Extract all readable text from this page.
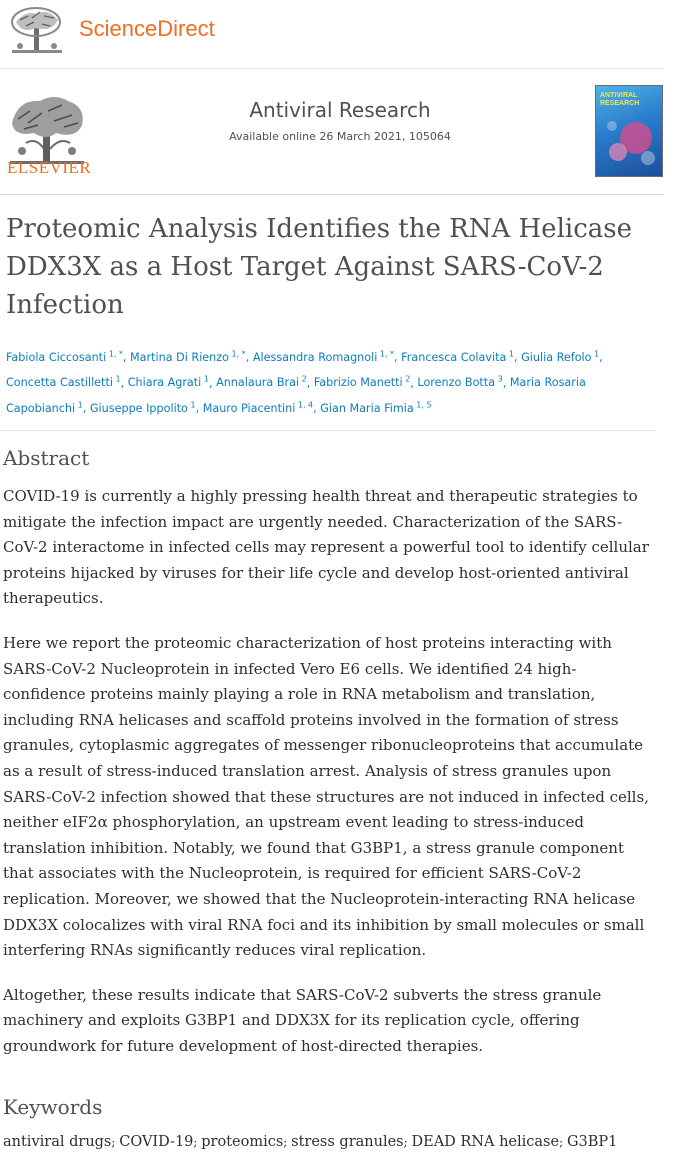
ScienceDirect
ELSEVIER
Antiviral Research
Available online 26 March 2021, 105064
ANTIVIRAL RESEARCH
Proteomic Analysis Identifies the RNA Helicase DDX3X as a Host Target Against SARS-CoV-2 Infection
Fabiola Ciccosanti $^{1, *}$, Martina Di Rienzo $^{1, *}$, Alessandra Romagnoli $^{1, *}$, Francesca Colavita $^1$, Giulia Refolo $^1$, Concetta Castilletti $^1$, Chiara Agrati $^1$, Annalaura Brai $^2$, Fabrizio Manetti $^2$, Lorenzo Botta $^3$, Maria Rosaria Capobianchi $^1$, Giuseppe Ippolito $^1$, Mauro Piacentini $^{1, 4}$, Gian Maria Fimia $^{1, 5}$
Abstract

COVID-19 is currently a highly pressing health threat and therapeutic strategies to mitigate the infection impact are urgently needed. Characterization of the SARS-CoV-2 interactome in infected cells may represent a powerful tool to identify cellular proteins hijacked by viruses for their life cycle and develop host-oriented antiviral therapeutics.

Here we report the proteomic characterization of host proteins interacting with SARS-CoV-2 Nucleoprotein in infected Vero E6 cells. We identified 24 high-confidence proteins mainly playing a role in RNA metabolism and translation, including RNA helicases and scaffold proteins involved in the formation of stress granules, cytoplasmic aggregates of messenger ribonucleoproteins that accumulate as a result of stress-induced translation arrest. Analysis of stress granules upon SARS-CoV-2 infection showed that these structures are not induced in infected cells, neither eIF2α phosphorylation, an upstream event leading to stress-induced translation inhibition. Notably, we found that G3BP1, a stress granule component that associates with the Nucleoprotein, is required for efficient SARS-CoV-2 replication. Moreover, we showed that the Nucleoprotein-interacting RNA helicase DDX3X colocalizes with viral RNA foci and its inhibition by small molecules or small interfering RNAs significantly reduces viral replication.

Altogether, these results indicate that SARS-CoV-2 subverts the stress granule machinery and exploits G3BP1 and DDX3X for its replication cycle, offering groundwork for future development of host-directed therapies.

Keywords
antiviral drugs; COVID-19; proteomics; stress granules; DEAD RNA helicase; G3BP1
